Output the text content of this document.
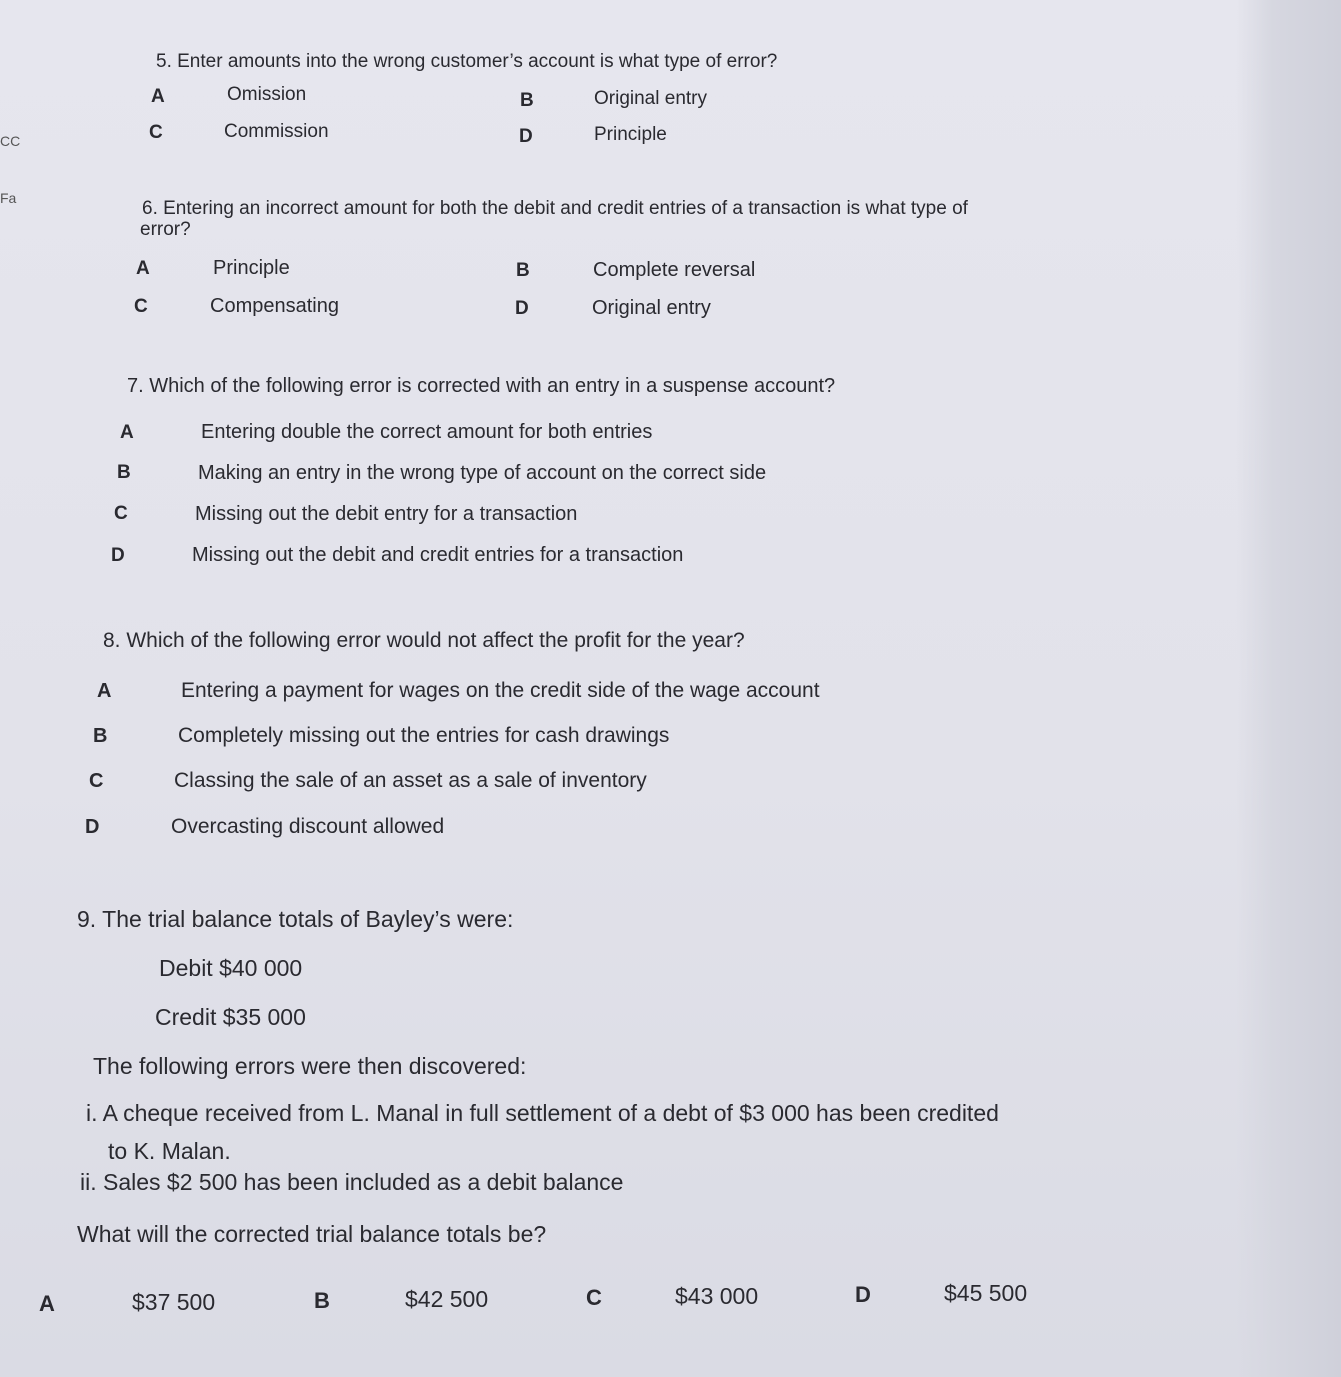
CC
Fa
5. Enter amounts into the wrong customer’s account is what type of error?
A	Omission	B	Original entry
C	Commission	D	Principle
6. Entering an incorrect amount for both the debit and credit entries of a transaction is what type of
error?
A	Principle	B	Complete reversal
C	Compensating	D	Original entry
7. Which of the following error is corrected with an entry in a suspense account?
A	Entering double the correct amount for both entries
B	Making an entry in the wrong type of account on the correct side
C	Missing out the debit entry for a transaction
D	Missing out the debit and credit entries for a transaction
8. Which of the following error would not affect the profit for the year?
A	Entering a payment for wages on the credit side of the wage account
B	Completely missing out the entries for cash drawings
C	Classing the sale of an asset as a sale of inventory
D	Overcasting discount allowed
9. The trial balance totals of Bayley’s were:
Debit $40 000
Credit $35 000
The following errors were then discovered:
i. A cheque received from L. Manal in full settlement of a debt of $3 000 has been credited
to K. Malan.
ii. Sales $2 500 has been included as a debit balance
What will the corrected trial balance totals be?
A	$37 500	B	$42 500	C	$43 000	D	$45 500
